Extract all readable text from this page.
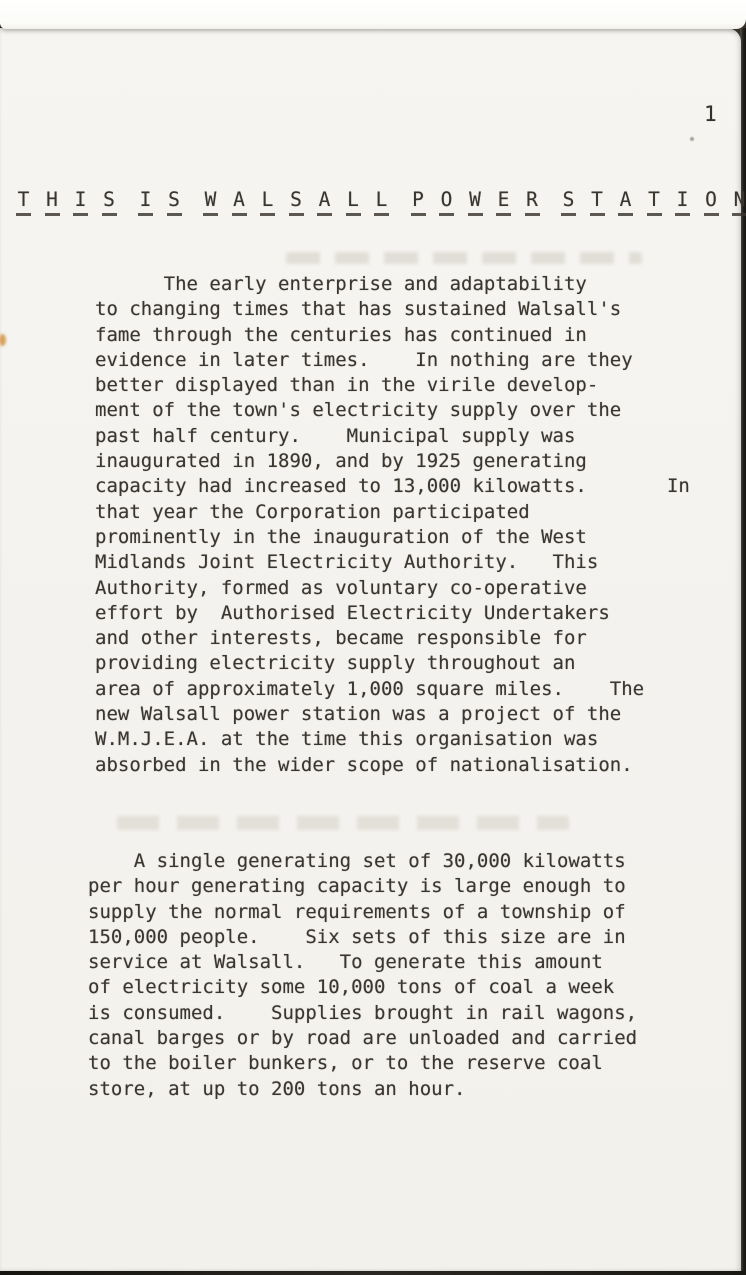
1
T H I S I S W A L S A L L P O W E R S T A T I O N
The early enterprise and adaptability
to changing times that has sustained Walsall's
fame through the centuries has continued in
evidence in later times.    In nothing are they
better displayed than in the virile develop-
ment of the town's electricity supply over the
past half century.    Municipal supply was
inaugurated in 1890, and by 1925 generating
capacity had increased to 13,000 kilowatts.       In
that year the Corporation participated
prominently in the inauguration of the West
Midlands Joint Electricity Authority.   This
Authority, formed as voluntary co-operative
effort by  Authorised Electricity Undertakers
and other interests, became responsible for
providing electricity supply throughout an
area of approximately 1,000 square miles.    The
new Walsall power station was a project of the
W.M.J.E.A. at the time this organisation was
absorbed in the wider scope of nationalisation.
A single generating set of 30,000 kilowatts
per hour generating capacity is large enough to
supply the normal requirements of a township of
150,000 people.    Six sets of this size are in
service at Walsall.   To generate this amount
of electricity some 10,000 tons of coal a week
is consumed.    Supplies brought in rail wagons,
canal barges or by road are unloaded and carried
to the boiler bunkers, or to the reserve coal
store, at up to 200 tons an hour.
